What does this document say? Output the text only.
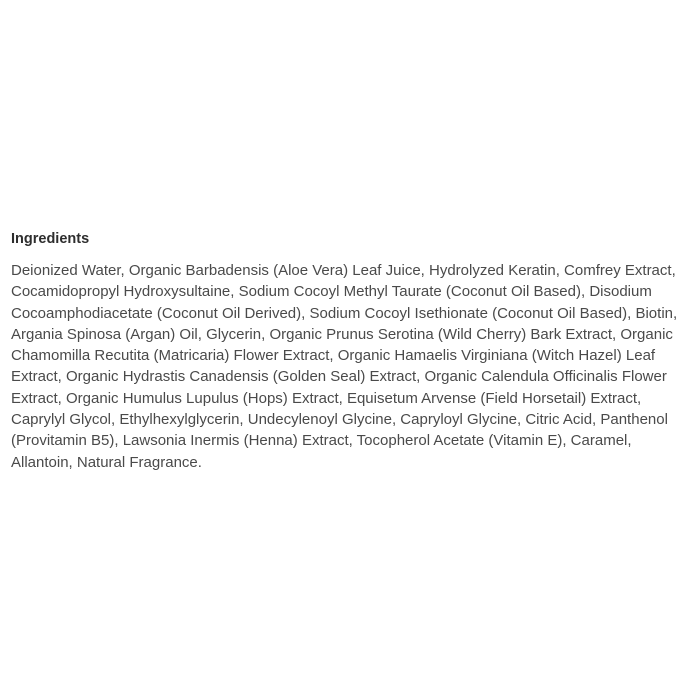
Ingredients

Deionized Water, Organic Barbadensis (Aloe Vera) Leaf Juice, Hydrolyzed Keratin, Comfrey Extract,
Cocamidopropyl Hydroxysultaine, Sodium Cocoyl Methyl Taurate (Coconut Oil Based), Disodium
Cocoamphodiacetate (Coconut Oil Derived), Sodium Cocoyl Isethionate (Coconut Oil Based), Biotin,
Argania Spinosa (Argan) Oil, Glycerin, Organic Prunus Serotina (Wild Cherry) Bark Extract, Organic
Chamomilla Recutita (Matricaria) Flower Extract, Organic Hamaelis Virginiana (Witch Hazel) Leaf
Extract, Organic Hydrastis Canadensis (Golden Seal) Extract, Organic Calendula Officinalis Flower
Extract, Organic Humulus Lupulus (Hops) Extract, Equisetum Arvense (Field Horsetail) Extract,
Caprylyl Glycol, Ethylhexylglycerin, Undecylenoyl Glycine, Capryloyl Glycine, Citric Acid, Panthenol
(Provitamin B5), Lawsonia Inermis (Henna) Extract, Tocopherol Acetate (Vitamin E), Caramel,
Allantoin, Natural Fragrance.
